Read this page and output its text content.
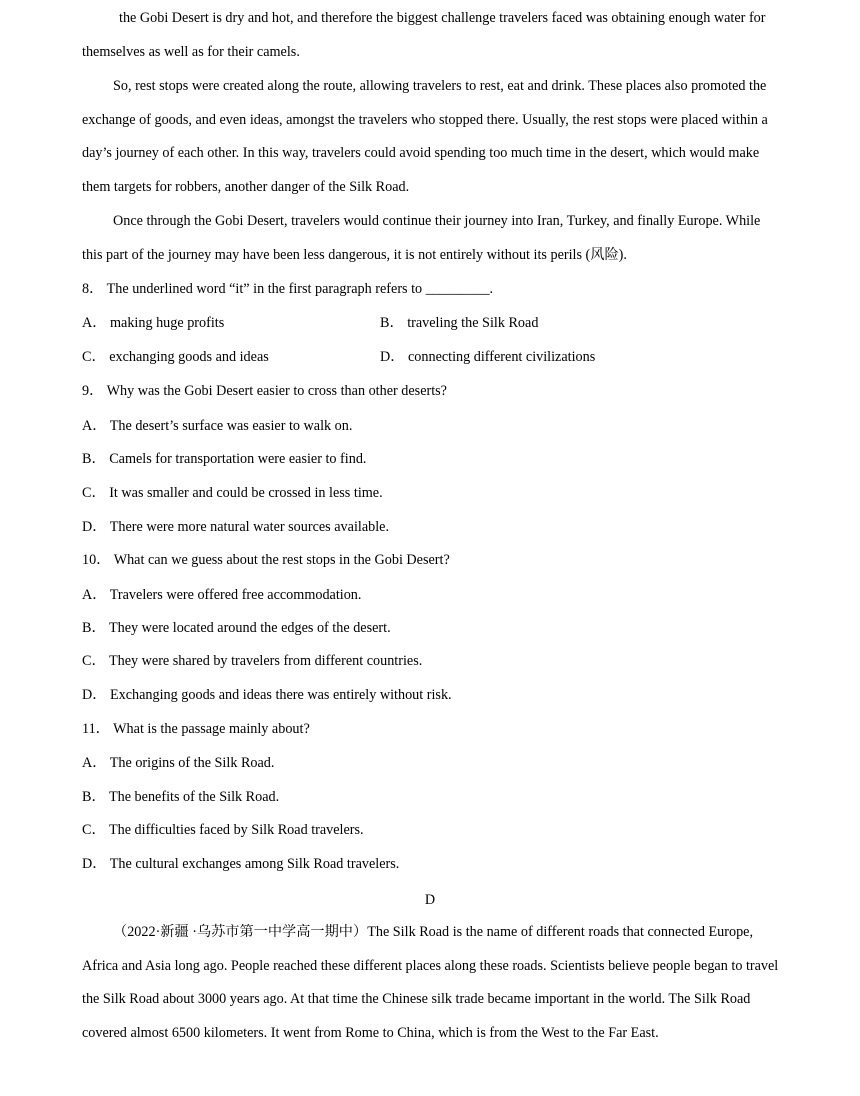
the Gobi Desert is dry and hot, and therefore the biggest challenge travelers faced was obtaining enough water for themselves as well as for their camels.
So, rest stops were created along the route, allowing travelers to rest, eat and drink. These places also promoted the exchange of goods, and even ideas, amongst the travelers who stopped there. Usually, the rest stops were placed within a day’s journey of each other. In this way, travelers could avoid spending too much time in the desert, which would make them targets for robbers, another danger of the Silk Road.
Once through the Gobi Desert, travelers would continue their journey into Iran, Turkey, and finally Europe. While this part of the journey may have been less dangerous, it is not entirely without its perils (风险).
8． The underlined word “it” in the first paragraph refers to _________.
A． making huge profits	B． traveling the Silk Road
C． exchanging goods and ideas	D． connecting different civilizations
9． Why was the Gobi Desert easier to cross than other deserts?
A． The desert’s surface was easier to walk on.
B． Camels for transportation were easier to find.
C． It was smaller and could be crossed in less time.
D． There were more natural water sources available.
10． What can we guess about the rest stops in the Gobi Desert?
A． Travelers were offered free accommodation.
B． They were located around the edges of the desert.
C． They were shared by travelers from different countries.
D． Exchanging goods and ideas there was entirely without risk.
11． What is the passage mainly about?
A． The origins of the Silk Road.
B． The benefits of the Silk Road.
C． The difficulties faced by Silk Road travelers.
D． The cultural exchanges among Silk Road travelers.
D
（2022·新疆 ·乌苏市第一中学高一期中）The Silk Road is the name of different roads that connected Europe, Africa and Asia long ago. People reached these different places along these roads. Scientists believe people began to travel the Silk Road about 3000 years ago. At that time the Chinese silk trade became important in the world. The Silk Road covered almost 6500 kilometers. It went from Rome to China, which is from the West to the Far East.
